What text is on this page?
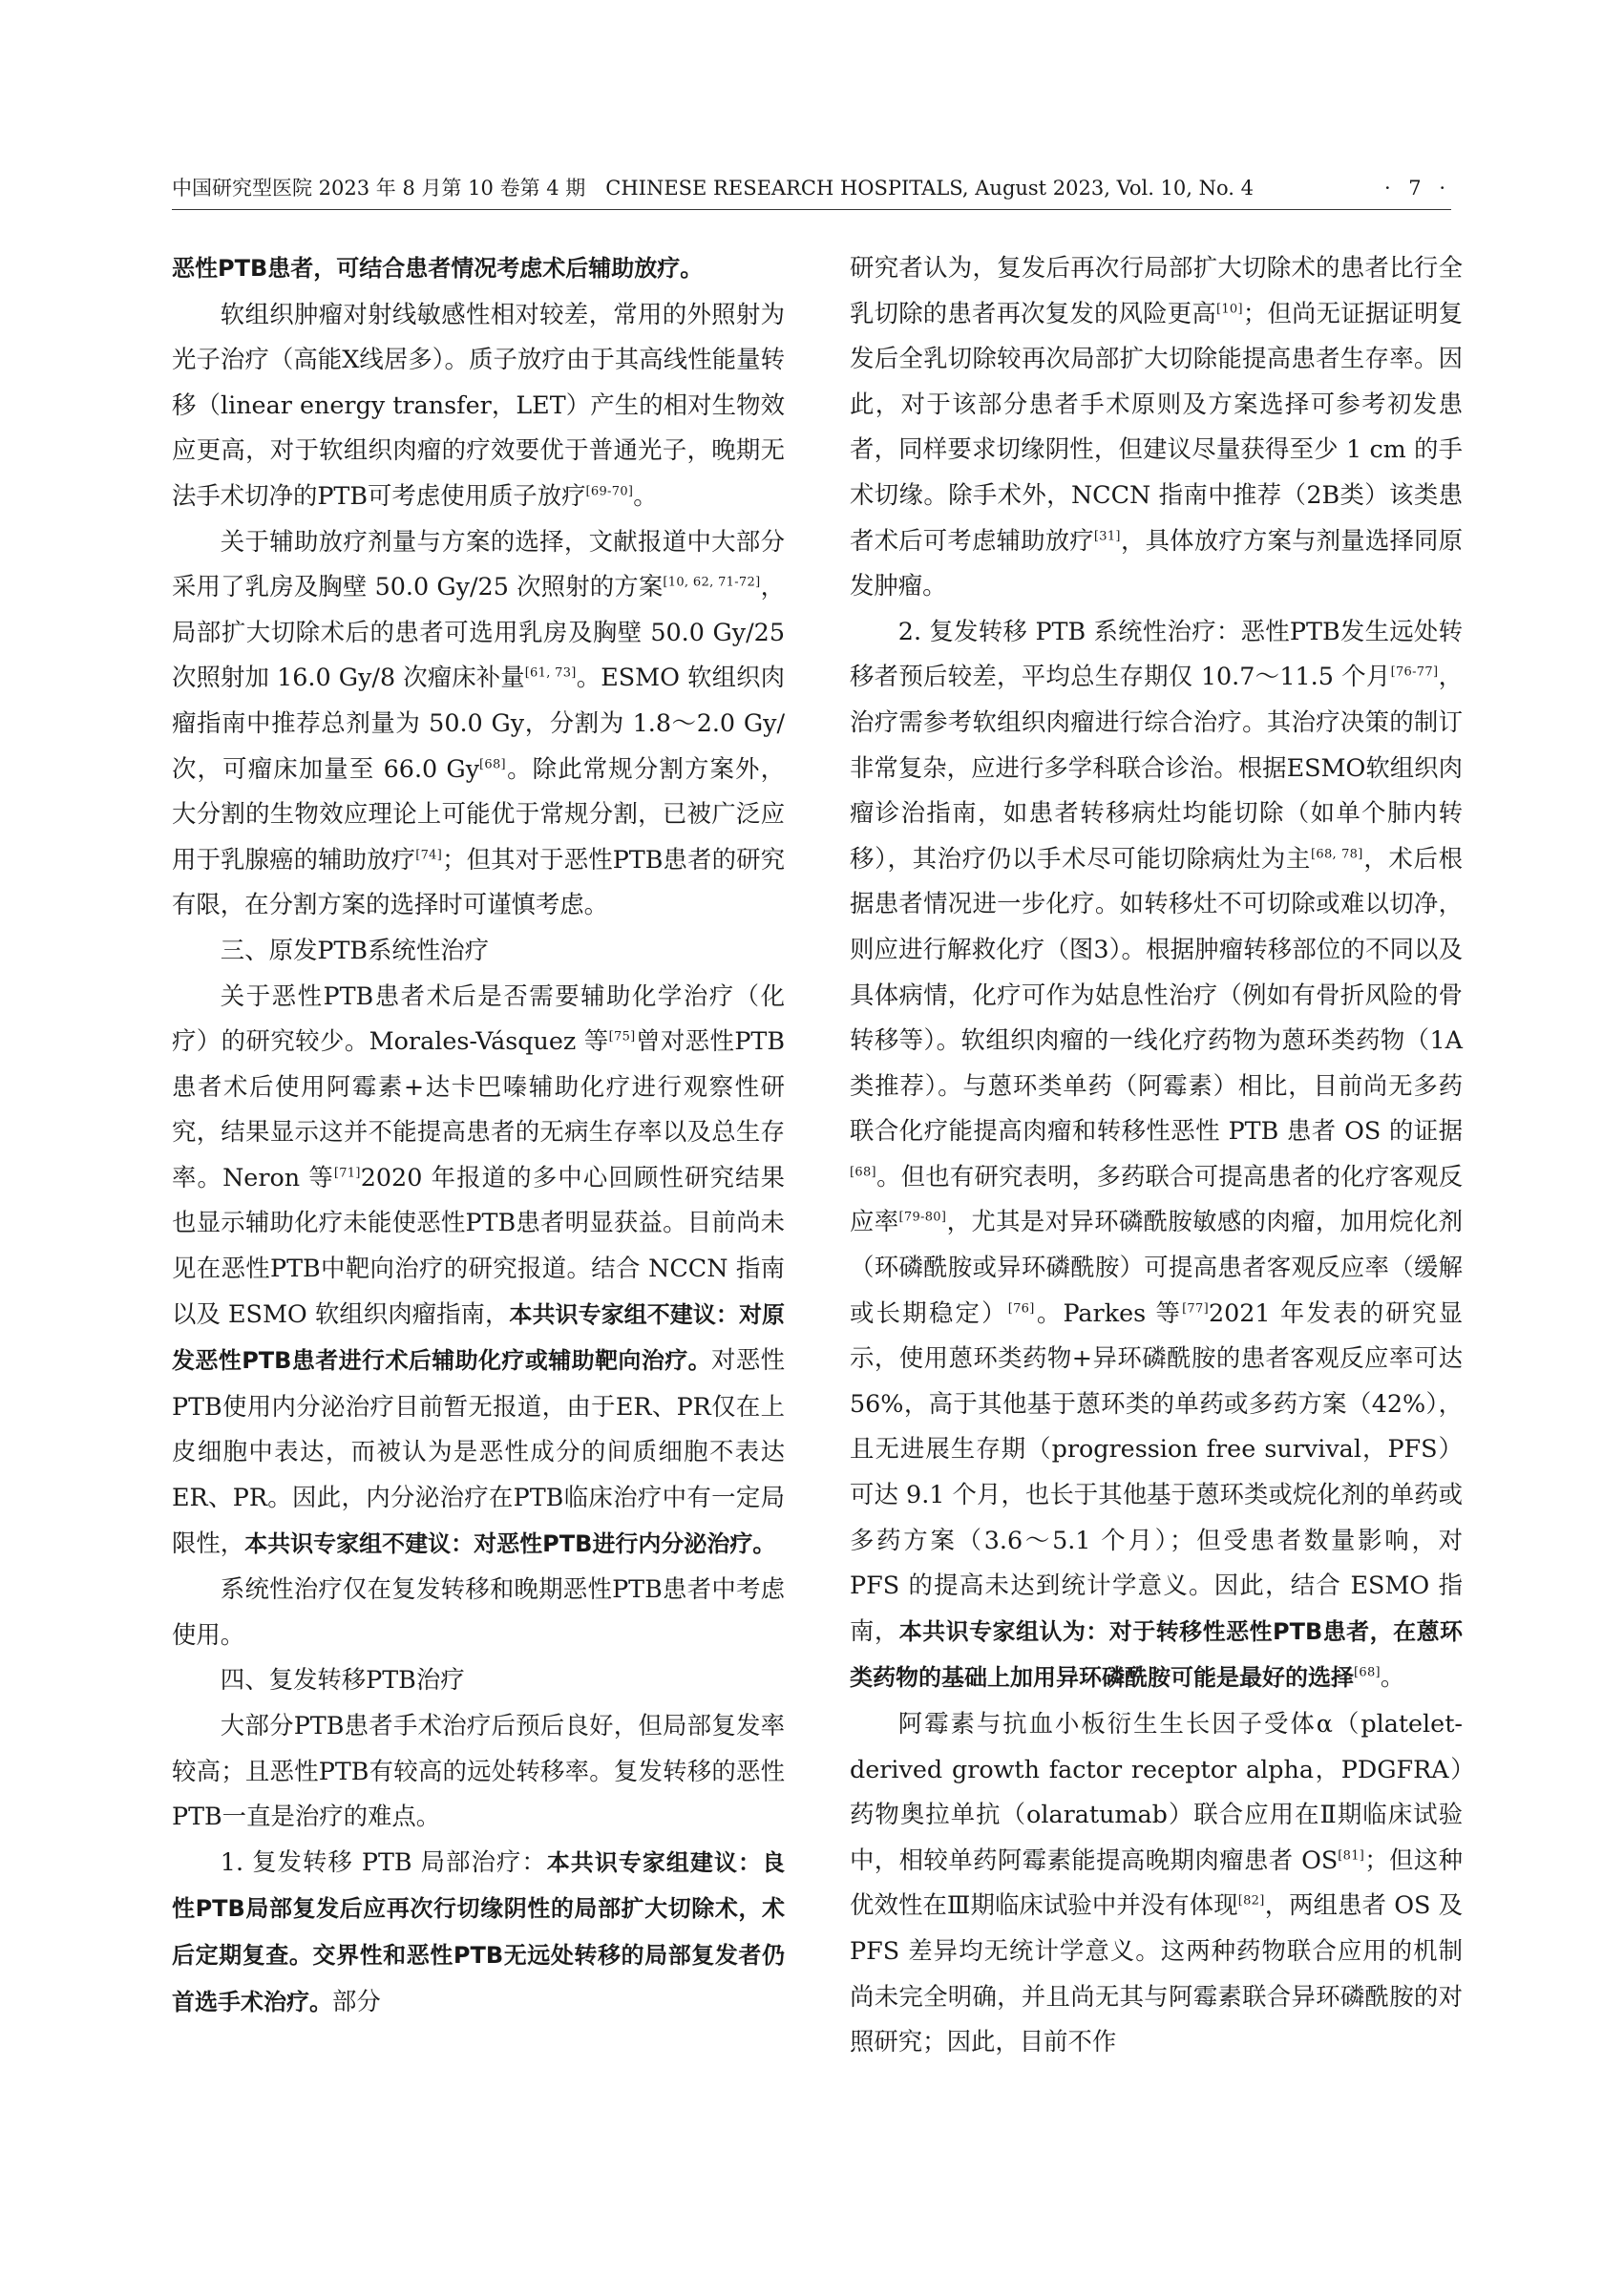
中国研究型医院 2023 年 8 月第 10 卷第 4 期　CHINESE RESEARCH HOSPITALS, August 2023, Vol. 10, No. 4	· 7 ·

恶性PTB患者，可结合患者情况考虑术后辅助放疗。

软组织肿瘤对射线敏感性相对较差，常用的外照射为光子治疗（高能X线居多）。质子放疗由于其高线性能量转移（linear energy transfer，LET）产生的相对生物效应更高，对于软组织肉瘤的疗效要优于普通光子，晚期无法手术切净的PTB可考虑使用质子放疗[69-70]。

关于辅助放疗剂量与方案的选择，文献报道中大部分采用了乳房及胸壁 50.0 Gy/25 次照射的方案[10, 62, 71-72]，局部扩大切除术后的患者可选用乳房及胸壁 50.0 Gy/25 次照射加 16.0 Gy/8 次瘤床补量[61, 73]。ESMO 软组织肉瘤指南中推荐总剂量为 50.0 Gy，分割为 1.8～2.0 Gy/次，可瘤床加量至 66.0 Gy[68]。除此常规分割方案外，大分割的生物效应理论上可能优于常规分割，已被广泛应用于乳腺癌的辅助放疗[74]；但其对于恶性PTB患者的研究有限，在分割方案的选择时可谨慎考虑。

三、原发PTB系统性治疗

关于恶性PTB患者术后是否需要辅助化学治疗（化疗）的研究较少。Morales-Vásquez 等[75]曾对恶性PTB患者术后使用阿霉素+达卡巴嗪辅助化疗进行观察性研究，结果显示这并不能提高患者的无病生存率以及总生存率。Neron 等[71]2020 年报道的多中心回顾性研究结果也显示辅助化疗未能使恶性PTB患者明显获益。目前尚未见在恶性PTB中靶向治疗的研究报道。结合 NCCN 指南以及 ESMO 软组织肉瘤指南，本共识专家组不建议：对原发恶性PTB患者进行术后辅助化疗或辅助靶向治疗。对恶性PTB使用内分泌治疗目前暂无报道，由于ER、PR仅在上皮细胞中表达，而被认为是恶性成分的间质细胞不表达ER、PR。因此，内分泌治疗在PTB临床治疗中有一定局限性，本共识专家组不建议：对恶性PTB进行内分泌治疗。

系统性治疗仅在复发转移和晚期恶性PTB患者中考虑使用。

四、复发转移PTB治疗

大部分PTB患者手术治疗后预后良好，但局部复发率较高；且恶性PTB有较高的远处转移率。复发转移的恶性PTB一直是治疗的难点。

1. 复发转移 PTB 局部治疗：本共识专家组建议：良性PTB局部复发后应再次行切缘阴性的局部扩大切除术，术后定期复查。交界性和恶性PTB无远处转移的局部复发者仍首选手术治疗。部分

研究者认为，复发后再次行局部扩大切除术的患者比行全乳切除的患者再次复发的风险更高[10]；但尚无证据证明复发后全乳切除较再次局部扩大切除能提高患者生存率。因此，对于该部分患者手术原则及方案选择可参考初发患者，同样要求切缘阴性，但建议尽量获得至少 1 cm 的手术切缘。除手术外，NCCN 指南中推荐（2B类）该类患者术后可考虑辅助放疗[31]，具体放疗方案与剂量选择同原发肿瘤。

2. 复发转移 PTB 系统性治疗：恶性PTB发生远处转移者预后较差，平均总生存期仅 10.7～11.5 个月[76-77]，治疗需参考软组织肉瘤进行综合治疗。其治疗决策的制订非常复杂，应进行多学科联合诊治。根据ESMO软组织肉瘤诊治指南，如患者转移病灶均能切除（如单个肺内转移），其治疗仍以手术尽可能切除病灶为主[68, 78]，术后根据患者情况进一步化疗。如转移灶不可切除或难以切净，则应进行解救化疗（图3）。根据肿瘤转移部位的不同以及具体病情，化疗可作为姑息性治疗（例如有骨折风险的骨转移等）。软组织肉瘤的一线化疗药物为蒽环类药物（1A类推荐）。与蒽环类单药（阿霉素）相比，目前尚无多药联合化疗能提高肉瘤和转移性恶性 PTB 患者 OS 的证据[68]。但也有研究表明，多药联合可提高患者的化疗客观反应率[79-80]，尤其是对异环磷酰胺敏感的肉瘤，加用烷化剂（环磷酰胺或异环磷酰胺）可提高患者客观反应率（缓解或长期稳定）[76]。Parkes 等[77]2021 年发表的研究显示，使用蒽环类药物+异环磷酰胺的患者客观反应率可达 56%，高于其他基于蒽环类的单药或多药方案（42%），且无进展生存期（progression free survival，PFS）可达 9.1 个月，也长于其他基于蒽环类或烷化剂的单药或多药方案（3.6～5.1 个月）；但受患者数量影响，对 PFS 的提高未达到统计学意义。因此，结合 ESMO 指南，本共识专家组认为：对于转移性恶性PTB患者，在蒽环类药物的基础上加用异环磷酰胺可能是最好的选择[68]。

阿霉素与抗血小板衍生生长因子受体α（platelet-derived growth factor receptor alpha，PDGFRA）药物奥拉单抗（olaratumab）联合应用在Ⅱ期临床试验中，相较单药阿霉素能提高晚期肉瘤患者 OS[81]；但这种优效性在Ⅲ期临床试验中并没有体现[82]，两组患者 OS 及 PFS 差异均无统计学意义。这两种药物联合应用的机制尚未完全明确，并且尚无其与阿霉素联合异环磷酰胺的对照研究；因此，目前不作
